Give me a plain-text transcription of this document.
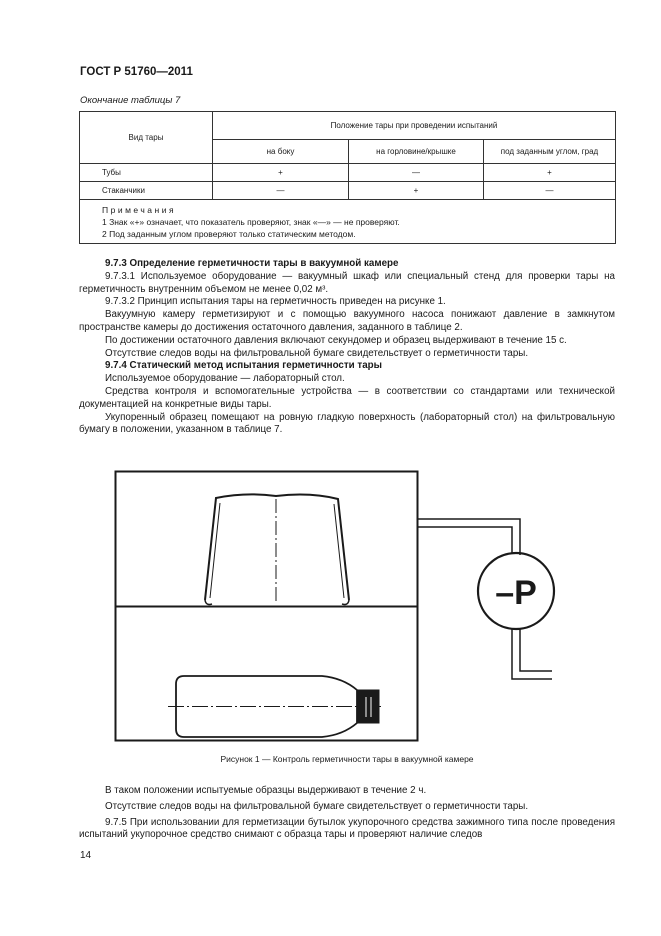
ГОСТ Р 51760—2011
Окончание таблицы 7
Вид тары	Положение тары при проведении испытаний		
	на боку	на горловине/крышке	под заданным углом, град
Тубы	+	—	+
Стаканчики	—	+	—

Примечания
1 Знак «+» означает, что показатель проверяют, знак «—» — не проверяют.
2 Под заданным углом проверяют только статическим методом.			

9.7.3 Определение герметичности тары в вакуумной камере

9.7.3.1 Используемое оборудование — вакуумный шкаф или специальный стенд для проверки тары на герметичность внутренним объемом не менее 0,02 м³.

9.7.3.2 Принцип испытания тары на герметичность приведен на рисунке 1.

Вакуумную камеру герметизируют и с помощью вакуумного насоса понижают давление в замкнутом пространстве камеры до достижения остаточного давления, заданного в таблице 2.

По достижении остаточного давления включают секундомер и образец выдерживают в течение 15 с.

Отсутствие следов воды на фильтровальной бумаге свидетельствует о герметичности тары.

9.7.4 Статический метод испытания герметичности тары

Используемое оборудование — лабораторный стол.

Средства контроля и вспомогательные устройства — в соответствии со стандартами или технической документацией на конкретные виды тары.

Укупоренный образец помещают на ровную гладкую поверхность (лабораторный стол) на фильтровальную бумагу в положении, указанном в таблице 7.

–P
Рисунок 1 — Контроль герметичности тары в вакуумной камере

В таком положении испытуемые образцы выдерживают в течение 2 ч.

Отсутствие следов воды на фильтровальной бумаге свидетельствует о герметичности тары.

9.7.5 При использовании для герметизации бутылок укупорочного средства зажимного типа после проведения испытаний укупорочное средство снимают с образца тары и проверяют наличие следов

14
